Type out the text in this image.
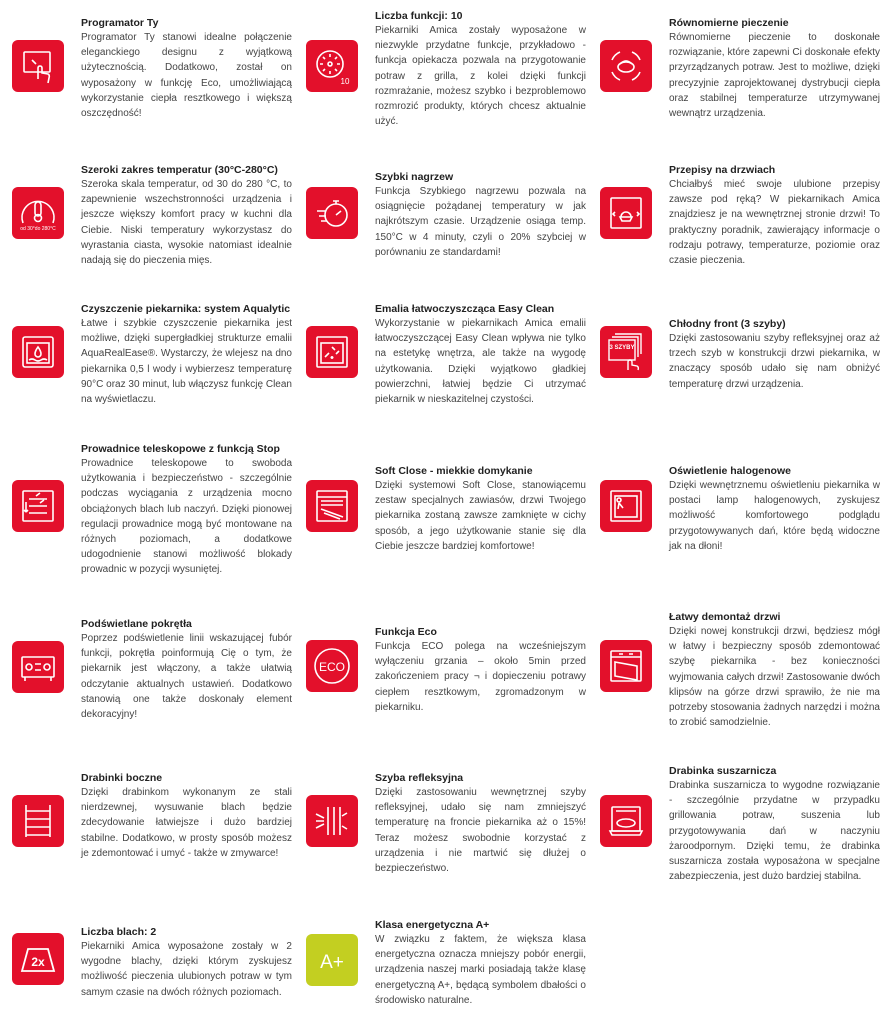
Programator Ty

Programator Ty stanowi idealne połączenie eleganckiego designu z wyjątkową użytecznością. Dodatkowo, został on wyposażony w funkcję Eco, umożliwiającą wykorzystanie ciepła resztkowego i większą oszczędność!

od 30°do 280°C

Szeroki zakres temperatur (30°C-280°C)

Szeroka skala temperatur, od 30 do 280 °C, to zapewnienie wszechstronności urządzenia i jeszcze większy komfort pracy w kuchni dla Ciebie. Niski temperatury wykorzystasz do wyrastania ciasta, wysokie natomiast idealnie nadają się do pieczenia mięs.

Czyszczenie piekarnika: system Aqualytic

Łatwe i szybkie czyszczenie piekarnika jest możliwe, dzięki supergładkiej strukturze emalii AquaRealEase®. Wystarczy, że wlejesz na dno piekarnika 0,5 l wody i wybierzesz temperaturę 90°C oraz 30 minut, lub włączysz funkcję Clean na wyświetlaczu.

Prowadnice teleskopowe z funkcją Stop

Prowadnice teleskopowe to swoboda użytkowania i bezpieczeństwo - szczególnie podczas wyciągania z urządzenia mocno obciążonych blach lub naczyń. Dzięki pionowej regulacji prowadnice mogą być montowane na różnych poziomach, a dodatkowe udogodnienie stanowi możliwość blokady prowadnic w pozycji wysuniętej.

Podświetlane pokrętła

Poprzez podświetlenie linii wskazującej fubór funkcji, pokrętła poinformują Cię o tym, że piekarnik jest włączony, a także ułatwią odczytanie aktualnych ustawień. Dodatkowo stanowią one także doskonały element dekoracyjny!

Drabinki boczne

Dzięki drabinkom wykonanym ze stali nierdzewnej, wysuwanie blach będzie zdecydowanie łatwiejsze i dużo bardziej stabilne. Dodatkowo, w prosty sposób możesz je zdemontować i umyć - także w zmywarce!

2x

Liczba blach: 2

Piekarniki Amica wyposażone zostały w 2 wygodne blachy, dzięki którym zyskujesz możliwość pieczenia ulubionych potraw w tym samym czasie na dwóch różnych poziomach.

10

Liczba funkcji: 10

Piekarniki Amica zostały wyposażone w niezwykle przydatne funkcje, przykładowo - funkcja opiekacza pozwala na przygotowanie potraw z grilla, z kolei dzięki funkcji rozmrażanie, możesz szybko i bezproblemowo rozmrozić produkty, których chcesz aktualnie użyć.

Szybki nagrzew

Funkcja Szybkiego nagrzewu pozwala na osiągnięcie pożądanej temperatury w jak najkrótszym czasie. Urządzenie osiąga temp. 150°C w 4 minuty, czyli o 20% szybciej w porównaniu ze standardami!

Emalia łatwoczyszcząca Easy Clean

Wykorzystanie w piekarnikach Amica emalii łatwoczyszczącej Easy Clean wpływa nie tylko na estetykę wnętrza, ale także na wygodę użytkowania. Dzięki wyjątkowo gładkiej powierzchni, łatwiej będzie Ci utrzymać piekarnik w nieskazitelnej czystości.

Soft Close - miekkie domykanie

Dzięki systemowi Soft Close, stanowiącemu zestaw specjalnych zawiasów, drzwi Twojego piekarnika zostaną zawsze zamknięte w cichy sposób, a jego użytkowanie stanie się dla Ciebie jeszcze bardziej komfortowe!

ECO

Funkcja Eco

Funkcja ECO polega na wcześniejszym wyłączeniu grzania – około 5min przed zakończeniem pracy ¬ i dopieczeniu potrawy ciepłem resztkowym, zgromadzonym w piekarniku.

Szyba refleksyjna

Dzięki zastosowaniu wewnętrznej szyby refleksyjnej, udało się nam zmniejszyć temperaturę na froncie piekarnika aż o 15%! Teraz możesz swobodnie korzystać z urządzenia i nie martwić się dłużej o bezpieczeństwo.

A+

Klasa energetyczna A+

W związku z faktem, że większa klasa energetyczna oznacza mniejszy pobór energii, urządzenia naszej marki posiadają także klasę energetyczną A+, będącą symbolem dbałości o środowisko naturalne.

Równomierne pieczenie

Równomierne pieczenie to doskonałe rozwiązanie, które zapewni Ci doskonałe efekty przyrządzanych potraw. Jest to możliwe, dzięki precyzyjnie zaprojektowanej dystrybucji ciepła oraz stabilnej temperaturze utrzymywanej wewnątrz urządzenia.

Przepisy na drzwiach

Chciałbyś mieć swoje ulubione przepisy zawsze pod ręką? W piekarnikach Amica znajdziesz je na wewnętrznej stronie drzwi! To praktyczny poradnik, zawierający informacje o rodzaju potrawy, temperaturze, poziomie oraz czasie pieczenia.

3 SZYBY

Chłodny front (3 szyby)

Dzięki zastosowaniu szyby refleksyjnej oraz aż trzech szyb w konstrukcji drzwi piekarnika, w znaczący sposób udało się nam obniżyć temperaturę drzwi urządzenia.

Oświetlenie halogenowe

Dzięki wewnętrznemu oświetleniu piekarnika w postaci lamp halogenowych, zyskujesz możliwość komfortowego podglądu przygotowywanych dań, które będą widoczne jak na dłoni!

Łatwy demontaż drzwi

Dzięki nowej konstrukcji drzwi, będziesz mógł w łatwy i bezpieczny sposób zdemontować szybę piekarnika - bez konieczności wyjmowania całych drzwi! Zastosowanie dwóch klipsów na górze drzwi sprawiło, że nie ma potrzeby stosowania żadnych narzędzi i można to zrobić samodzielnie.

Drabinka suszarnicza

Drabinka suszarnicza to wygodne rozwiązanie - szczególnie przydatne w przypadku grillowania potraw, suszenia lub przygotowywania dań w naczyniu żaroodpornym. Dzięki temu, że drabinka suszarnicza została wyposażona w specjalne zabezpieczenia, jest dużo bardziej stabilna.
